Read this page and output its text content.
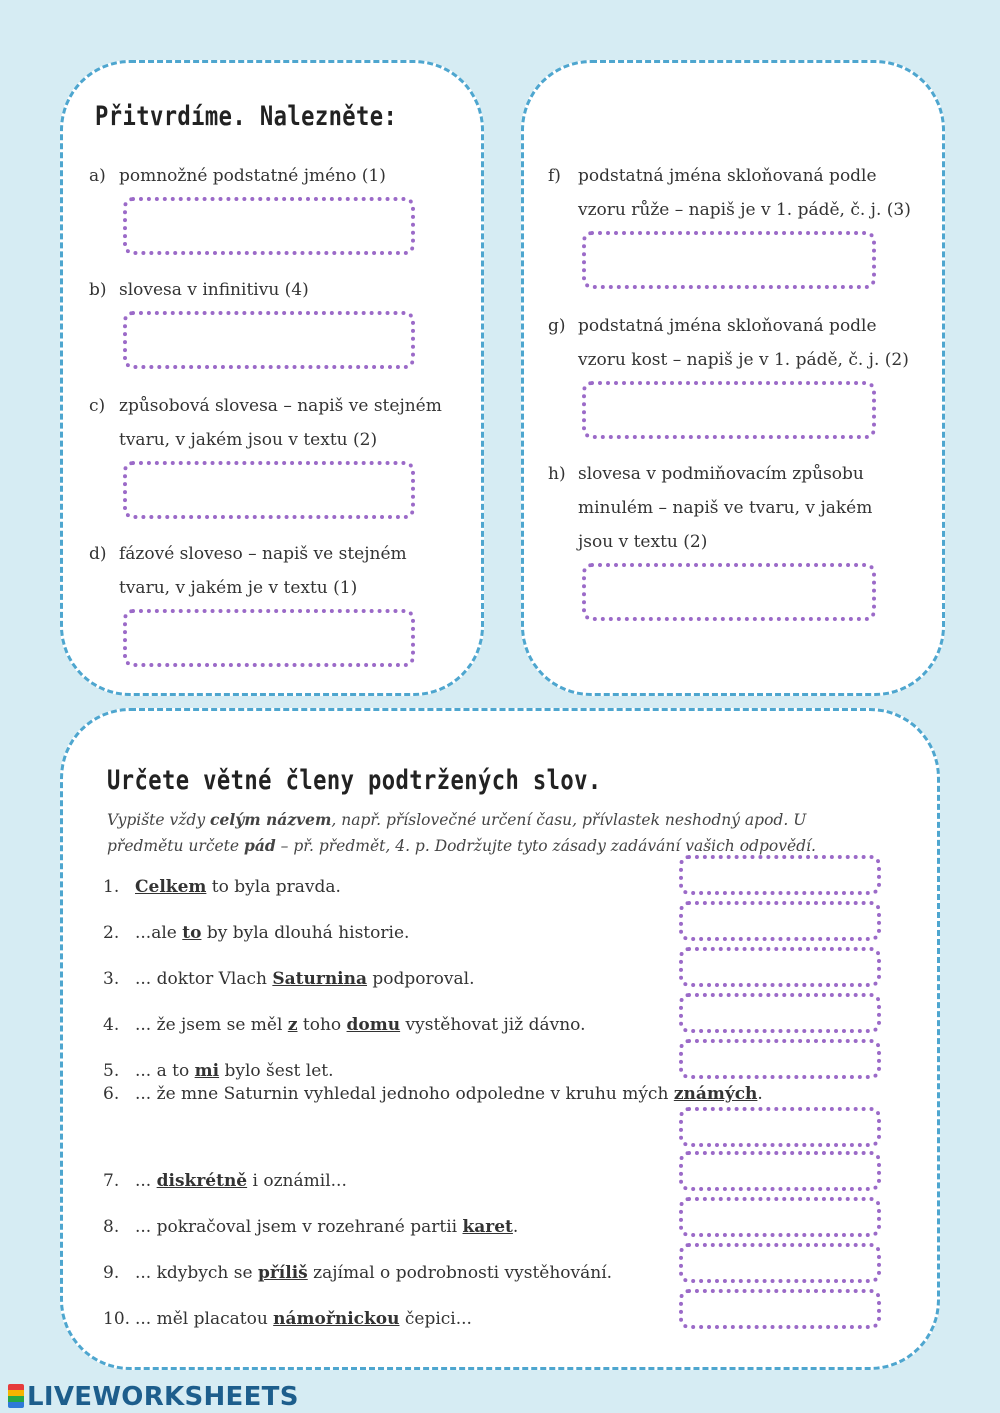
Přitvrdíme. Nalezněte:
a) pomnožné podstatné jméno (1)
b) slovesa v infinitivu (4)
c) způsobová slovesa – napiš ve stejném tvaru, v jakém jsou v textu (2)
d) fázové sloveso – napiš ve stejném tvaru, v jakém je v textu (1)
f)	podstatná jména skloňovaná podle vzoru růže – napiš je v 1. pádě, č. j. (3)
g) podstatná jména skloňovaná podle vzoru kost – napiš je v 1. pádě, č. j. (2)
h) slovesa v podmiňovacím způsobu minulém – napiš ve tvaru, v jakém jsou v textu (2)
Určete větné členy podtržených slov.
Vypište vždy celým názvem, např. příslovečné určení času, přívlastek neshodný apod. U předmětu určete pád – př. předmět, 4. p. Dodržujte tyto zásady zadávání vašich odpovědí.
1. Celkem to byla pravda.
2. ...ale to by byla dlouhá historie.
3. ... doktor Vlach Saturnina podporoval.
4. ... že jsem se měl z toho domu vystěhovat již dávno.
5. ... a to mi bylo šest let.
6. ... že mne Saturnin vyhledal jednoho odpoledne v kruhu mých známých.
7. ... diskrétně i oznámil...
8. ... pokračoval jsem v rozehrané partii karet.
9. ... kdybych se příliš zajímal o podrobnosti vystěhování.
10. ... měl placatou námořnickou čepici...
LIVEWORKSHEETS
